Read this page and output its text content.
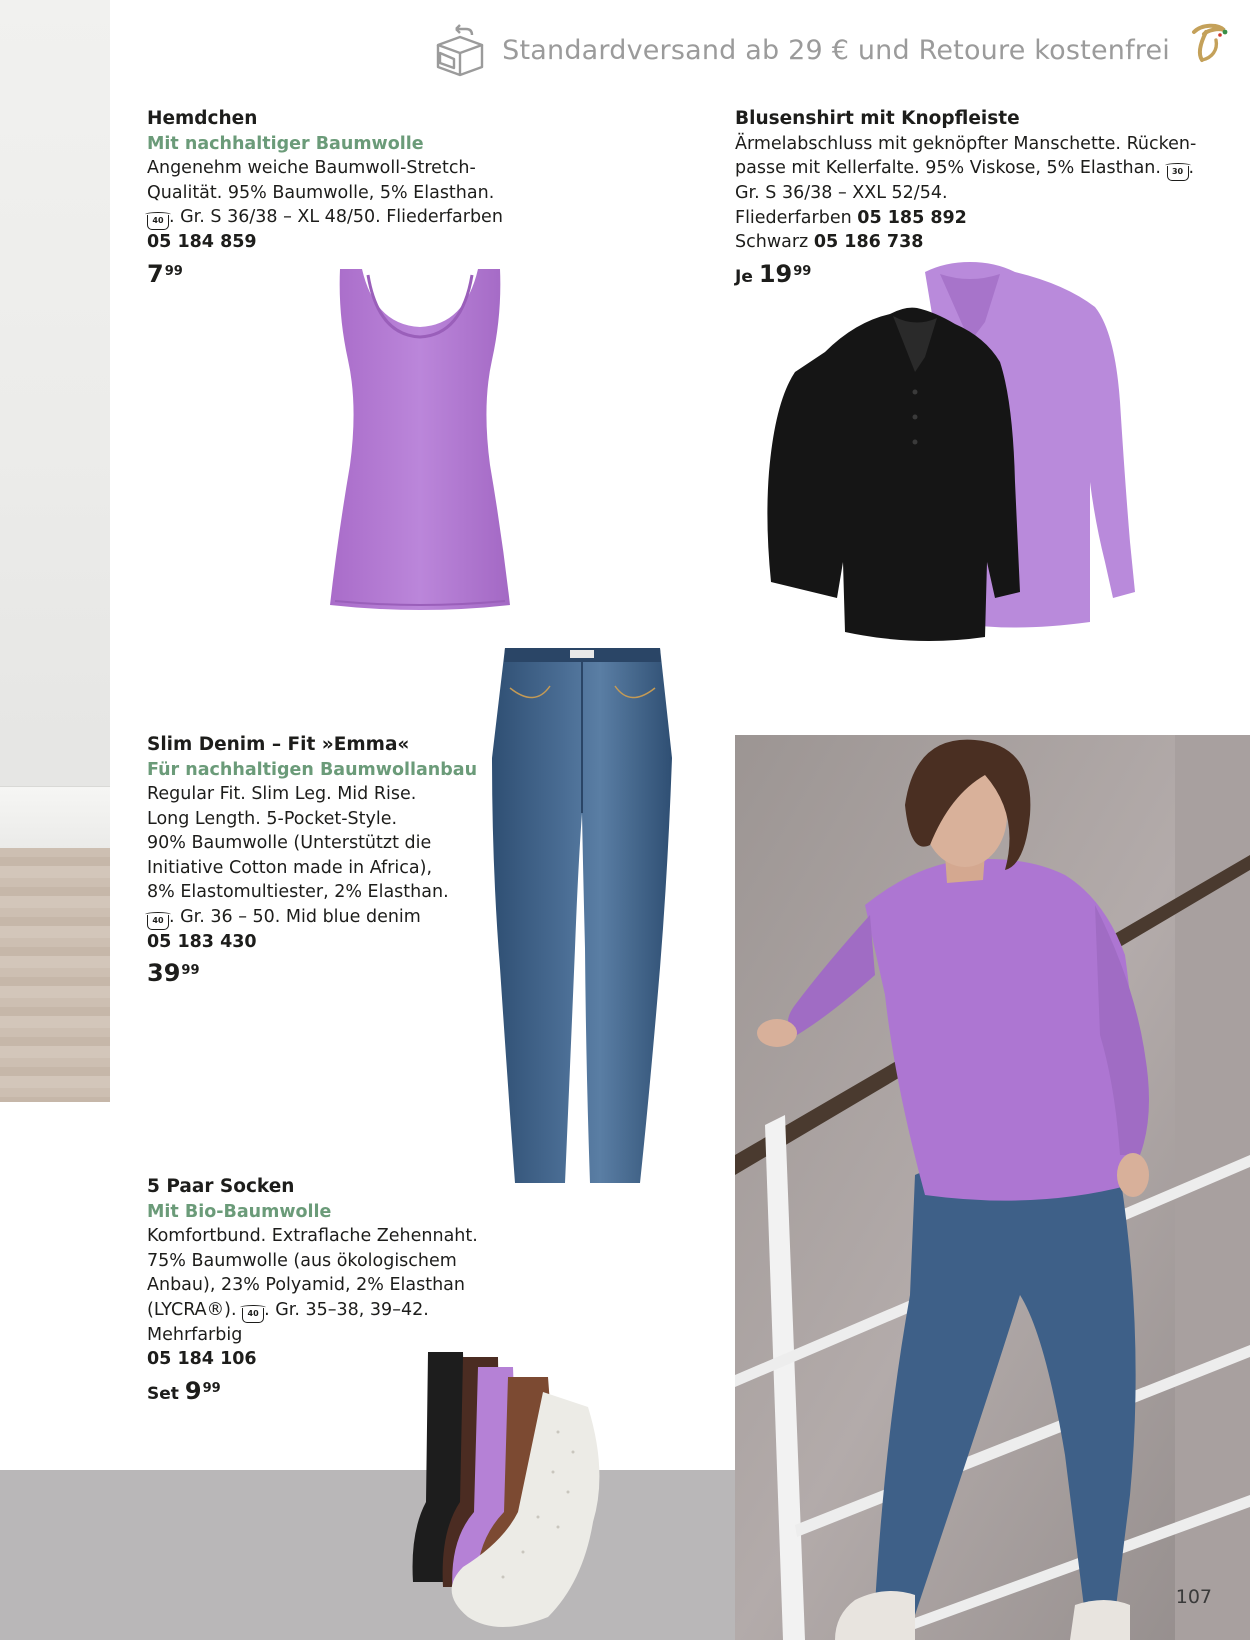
Standardversand ab 29 € und Retoure kostenfrei
Hemdchen
Mit nachhaltiger Baumwolle
Angenehm weiche Baumwoll-Stretch-
Qualität. 95% Baumwolle, 5% Elasthan.
40 . Gr. S 36/38 – XL 48/50. Fliederfarben
05 184 859
$7^{99}$
Blusenshirt mit Knopfleiste
Ärmelabschluss mit geknöpfter Manschette. Rücken-
passe mit Kellerfalte. 95% Viskose, 5% Elasthan. 30 .
Gr. S 36/38 – XXL 52/54.
Fliederfarben 05 185 892
Schwarz 05 186 738
Je $19^{99}$
Slim Denim – Fit »Emma«
Für nachhaltigen Baumwollanbau
Regular Fit. Slim Leg. Mid Rise.
Long Length. 5-Pocket-Style.
90% Baumwolle (Unterstützt die
Initiative Cotton made in Africa),
8% Elastomultiester, 2% Elasthan.
40 . Gr. 36 – 50. Mid blue denim
05 183 430
$39^{99}$
5 Paar Socken
Mit Bio-Baumwolle
Komfortbund. Extraflache Zehennaht.
75% Baumwolle (aus ökologischem
Anbau), 23% Polyamid, 2% Elasthan
(LYCRA®). 40 . Gr. 35–38, 39–42.
Mehrfarbig
05 184 106
Set $9^{99}$
107
